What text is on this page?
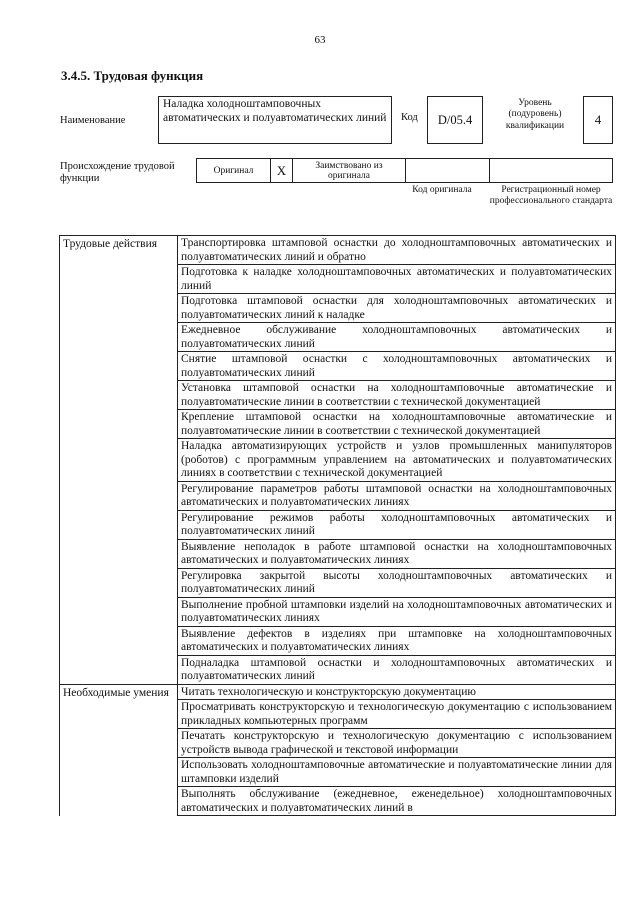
63
3.4.5. Трудовая функция
Наименование
Наладка холодноштамповочных автоматических и полуавтоматических линий	Код	D/05.4
Уровень (подуровень) квалификации	4
Происхождение трудовой функции
Оригинал	X	Заимствовано из оригинала		
Код оригинала	Регистрационный номер профессионального стандарта
Трудовые действия	Транспортировка штамповой оснастки до холодноштамповочных автоматических и полуавтоматических линий и обратно
	Подготовка к наладке холодноштамповочных автоматических и полуавтоматических линий
	Подготовка штамповой оснастки для холодноштамповочных автоматических и полуавтоматических линий к наладке
	Ежедневное обслуживание холодноштамповочных автоматических и полуавтоматических линий
	Снятие штамповой оснастки с холодноштамповочных автоматических и полуавтоматических линий
	Установка штамповой оснастки на холодноштамповочные автоматические и полуавтоматические линии в соответствии с технической документацией
	Крепление штамповой оснастки на холодноштамповочные автоматические и полуавтоматические линии в соответствии с технической документацией
	Наладка автоматизирующих устройств и узлов промышленных манипуляторов (роботов) с программным управлением на автоматических и полуавтоматических линиях в соответствии с технической документацией
	Регулирование параметров работы штамповой оснастки на холодноштамповочных автоматических и полуавтоматических линиях
	Регулирование режимов работы холодноштамповочных автоматических и полуавтоматических линий
	Выявление неполадок в работе штамповой оснастки на холодноштамповочных автоматических и полуавтоматических линиях
	Регулировка закрытой высоты холодноштамповочных автоматических и полуавтоматических линий
	Выполнение пробной штамповки изделий на холодноштамповочных автоматических и полуавтоматических линиях
	Выявление дефектов в изделиях при штамповке на холодноштамповочных автоматических и полуавтоматических линиях
	Подналадка штамповой оснастки и холодноштамповочных автоматических и полуавтоматических линий
Необходимые умения	Читать технологическую и конструкторскую документацию
	Просматривать конструкторскую и технологическую документацию с использованием прикладных компьютерных программ
	Печатать конструкторскую и технологическую документацию с использованием устройств вывода графической и текстовой информации
	Использовать холодноштамповочные автоматические и полуавтоматические линии для штамповки изделий
	Выполнять обслуживание (ежедневное, еженедельное) холодноштамповочных автоматических и полуавтоматических линий в
